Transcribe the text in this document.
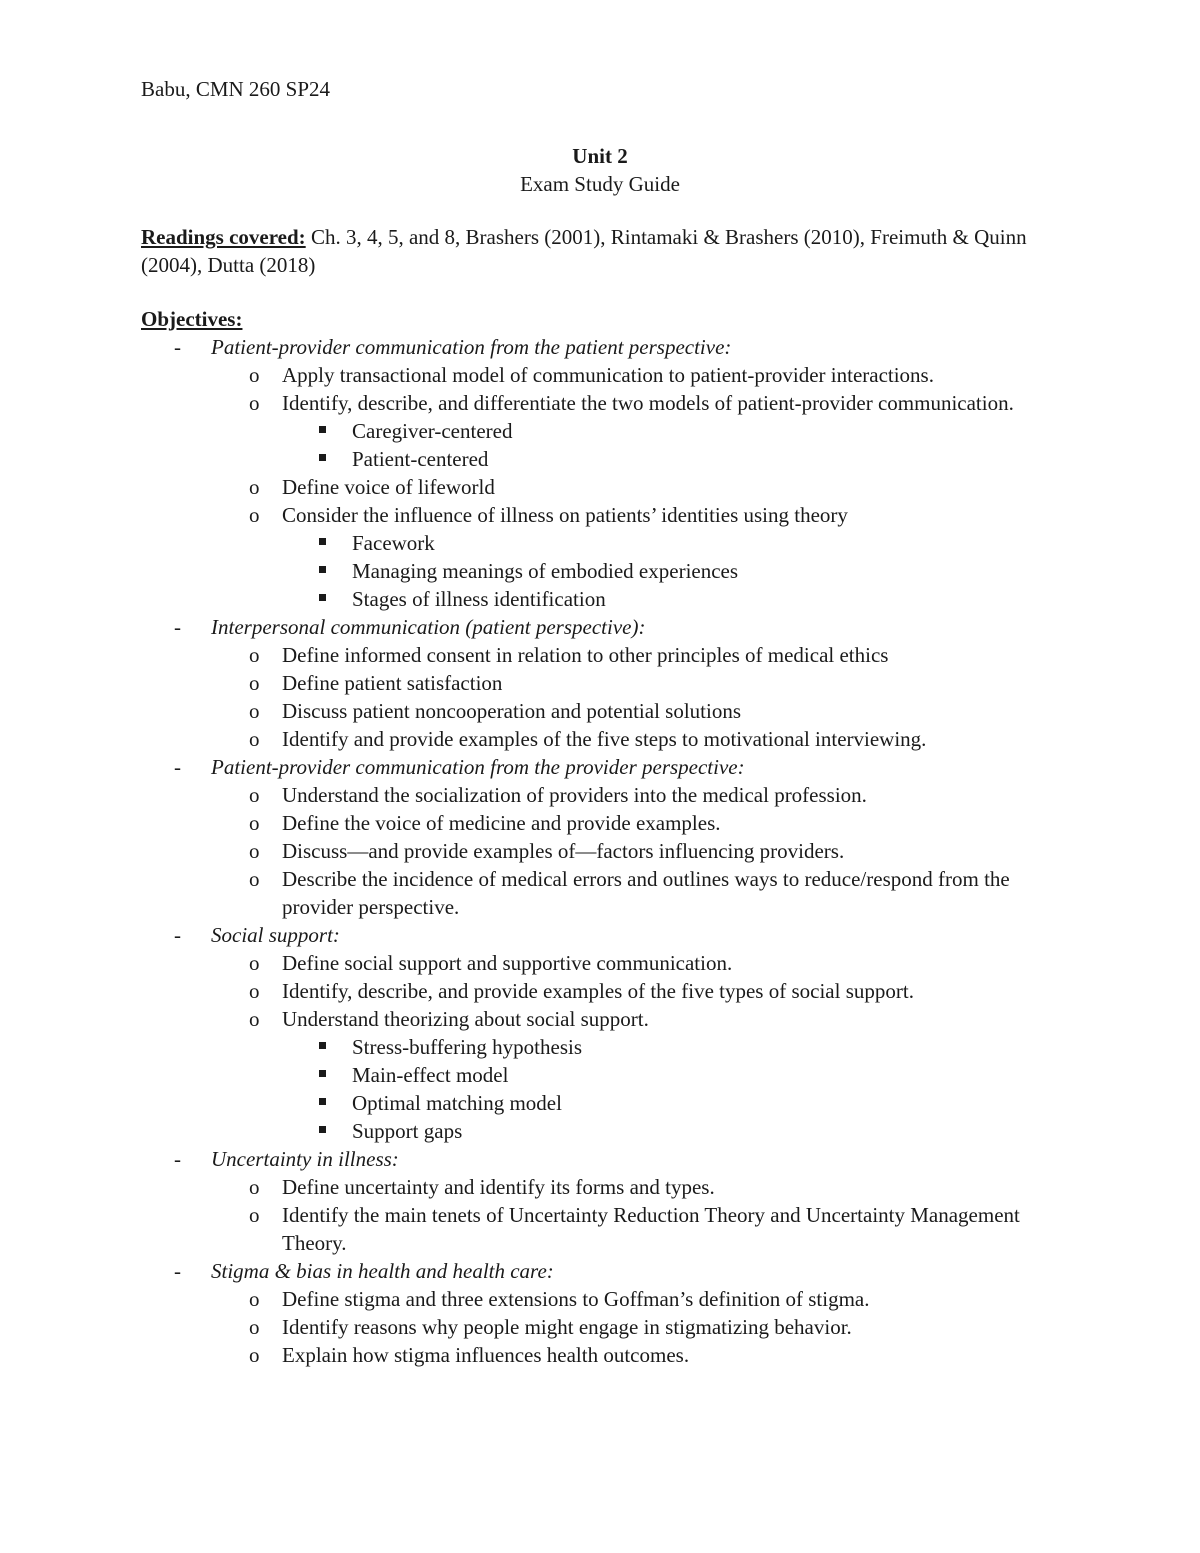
Babu, CMN 260 SP24
Unit 2
Exam Study Guide
Readings covered: Ch. 3, 4, 5, and 8, Brashers (2001), Rintamaki & Brashers (2010), Freimuth & Quinn (2004), Dutta (2018)
Objectives:
- Patient-provider communication from the patient perspective:
o Apply transactional model of communication to patient-provider interactions.
o Identify, describe, and differentiate the two models of patient-provider communication.
Caregiver-centered
Patient-centered
o Define voice of lifeworld
o Consider the influence of illness on patients’ identities using theory
Facework
Managing meanings of embodied experiences
Stages of illness identification
- Interpersonal communication (patient perspective):
o Define informed consent in relation to other principles of medical ethics
o Define patient satisfaction
o Discuss patient noncooperation and potential solutions
o Identify and provide examples of the five steps to motivational interviewing.
- Patient-provider communication from the provider perspective:
o Understand the socialization of providers into the medical profession.
o Define the voice of medicine and provide examples.
o Discuss—and provide examples of—factors influencing providers.
o Describe the incidence of medical errors and outlines ways to reduce/respond from the provider perspective.
- Social support:
o Define social support and supportive communication.
o Identify, describe, and provide examples of the five types of social support.
o Understand theorizing about social support.
Stress-buffering hypothesis
Main-effect model
Optimal matching model
Support gaps
- Uncertainty in illness:
o Define uncertainty and identify its forms and types.
o Identify the main tenets of Uncertainty Reduction Theory and Uncertainty Management Theory.
- Stigma & bias in health and health care:
o Define stigma and three extensions to Goffman’s definition of stigma.
o Identify reasons why people might engage in stigmatizing behavior.
o Explain how stigma influences health outcomes.
